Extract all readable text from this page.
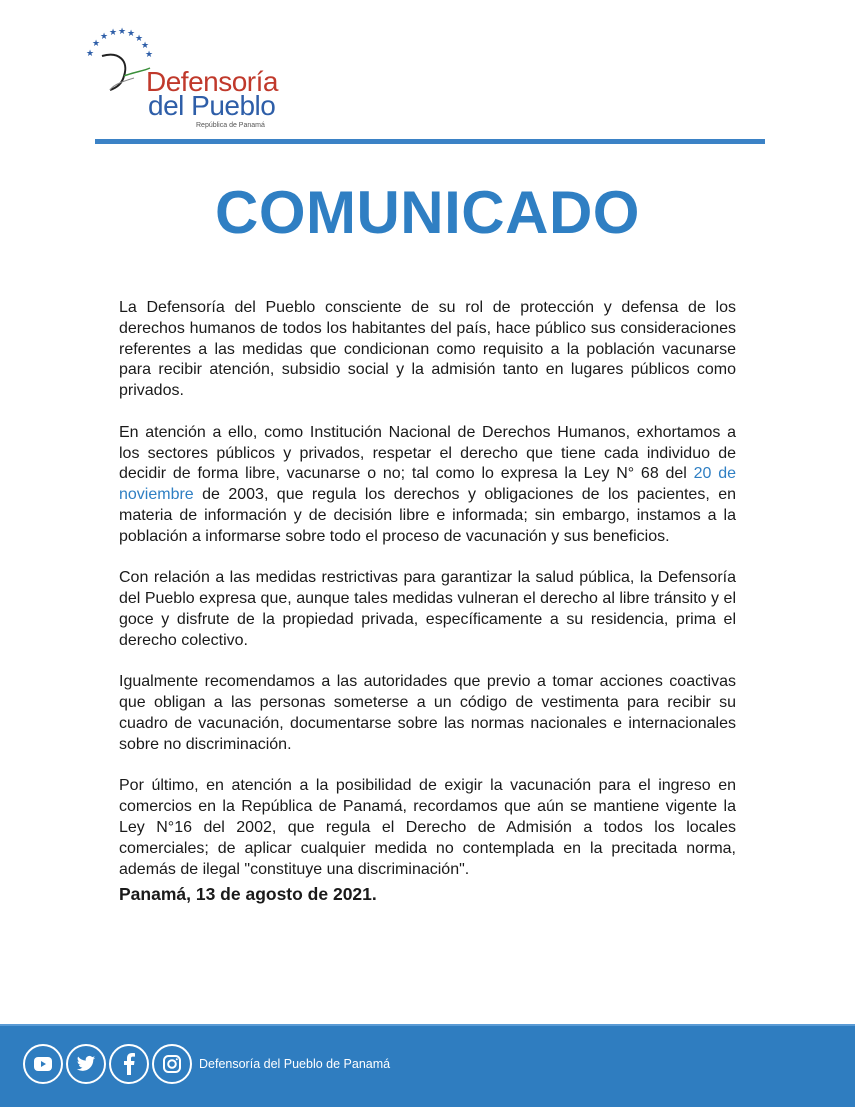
★
★
★ ★ ★ ★ ★
★
★
Defensoría
del Pueblo
República de Panamá
COMUNICADO

La Defensoría del Pueblo consciente de su rol de protección y defensa de los derechos humanos de todos los habitantes del país, hace público sus consideraciones referentes a las medidas que condicionan como requisito a la población vacunarse para recibir atención, subsidio social y la admisión tanto en lugares públicos como privados.

En atención a ello, como Institución Nacional de Derechos Humanos, exhortamos a los sectores públicos y privados, respetar el derecho que tiene cada individuo de decidir de forma libre, vacunarse o no; tal como lo expresa la Ley N° 68 del 20 de noviembre de 2003, que regula los derechos y obligaciones de los pacientes, en materia de información y de decisión libre e informada; sin embargo, instamos a la población a informarse sobre todo el proceso de vacunación y sus beneficios.

Con relación a las medidas restrictivas para garantizar la salud pública, la Defensoría del Pueblo expresa que, aunque tales medidas vulneran el derecho al libre tránsito y el goce y disfrute de la propiedad privada, específicamente a su residencia, prima el derecho colectivo.

Igualmente recomendamos a las autoridades que previo a tomar acciones coactivas que obligan a las personas someterse a un código de vestimenta para recibir su cuadro de vacunación, documentarse sobre las normas nacionales e internacionales sobre no discriminación.

Por último, en atención a la posibilidad de exigir la vacunación para el ingreso en comercios en la República de Panamá, recordamos que aún se mantiene vigente la Ley N°16 del 2002, que regula el Derecho de Admisión a todos los locales comerciales; de aplicar cualquier medida no contemplada en la precitada norma, además de ilegal "constituye una discriminación".

Panamá, 13 de agosto de 2021.
Defensoría del Pueblo de Panamá
